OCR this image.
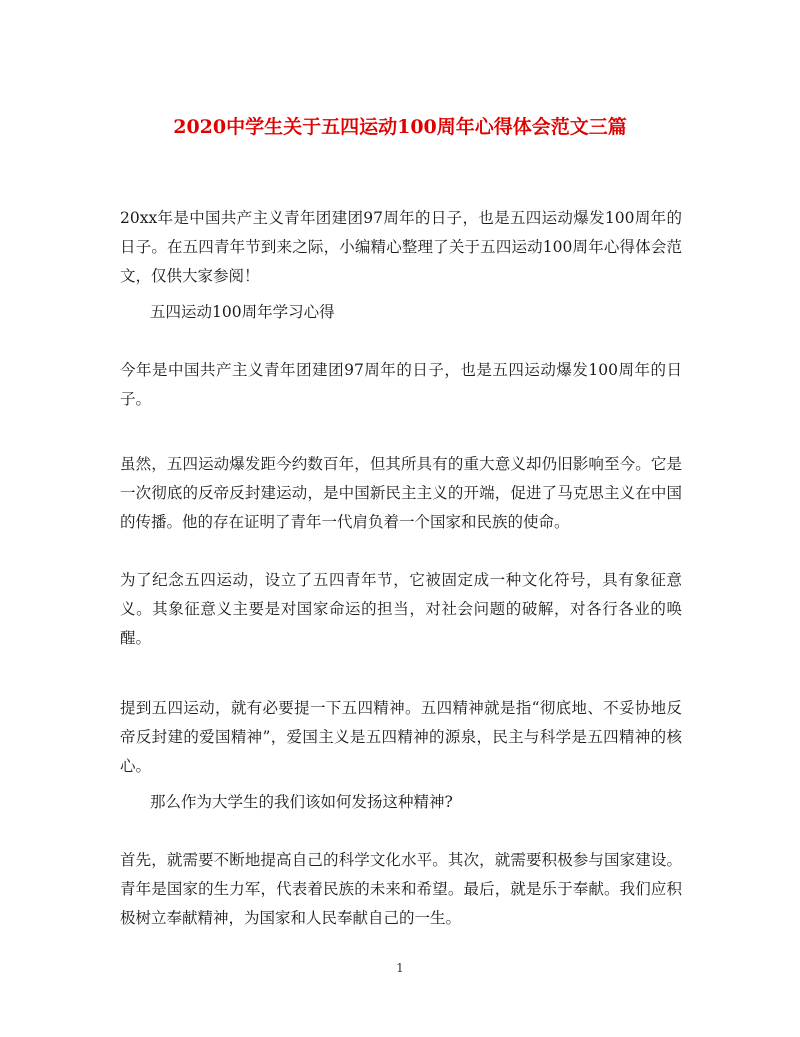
2020中学生关于五四运动100周年心得体会范文三篇

20xx年是中国共产主义青年团建团97周年的日子，也是五四运动爆发100周年的日子。在五四青年节到来之际，小编精心整理了关于五四运动100周年心得体会范文，仅供大家参阅！

五四运动100周年学习心得

今年是中国共产主义青年团建团97周年的日子，也是五四运动爆发100周年的日子。

虽然，五四运动爆发距今约数百年，但其所具有的重大意义却仍旧影响至今。它是一次彻底的反帝反封建运动，是中国新民主主义的开端，促进了马克思主义在中国的传播。他的存在证明了青年一代肩负着一个国家和民族的使命。

为了纪念五四运动，设立了五四青年节，它被固定成一种文化符号，具有象征意义。其象征意义主要是对国家命运的担当，对社会问题的破解，对各行各业的唤醒。

提到五四运动，就有必要提一下五四精神。五四精神就是指“彻底地、不妥协地反帝反封建的爱国精神”，爱国主义是五四精神的源泉，民主与科学是五四精神的核心。

那么作为大学生的我们该如何发扬这种精神?

首先，就需要不断地提高自己的科学文化水平。其次，就需要积极参与国家建设。青年是国家的生力军，代表着民族的未来和希望。最后，就是乐于奉献。我们应积极树立奉献精神，为国家和人民奉献自己的一生。

1
